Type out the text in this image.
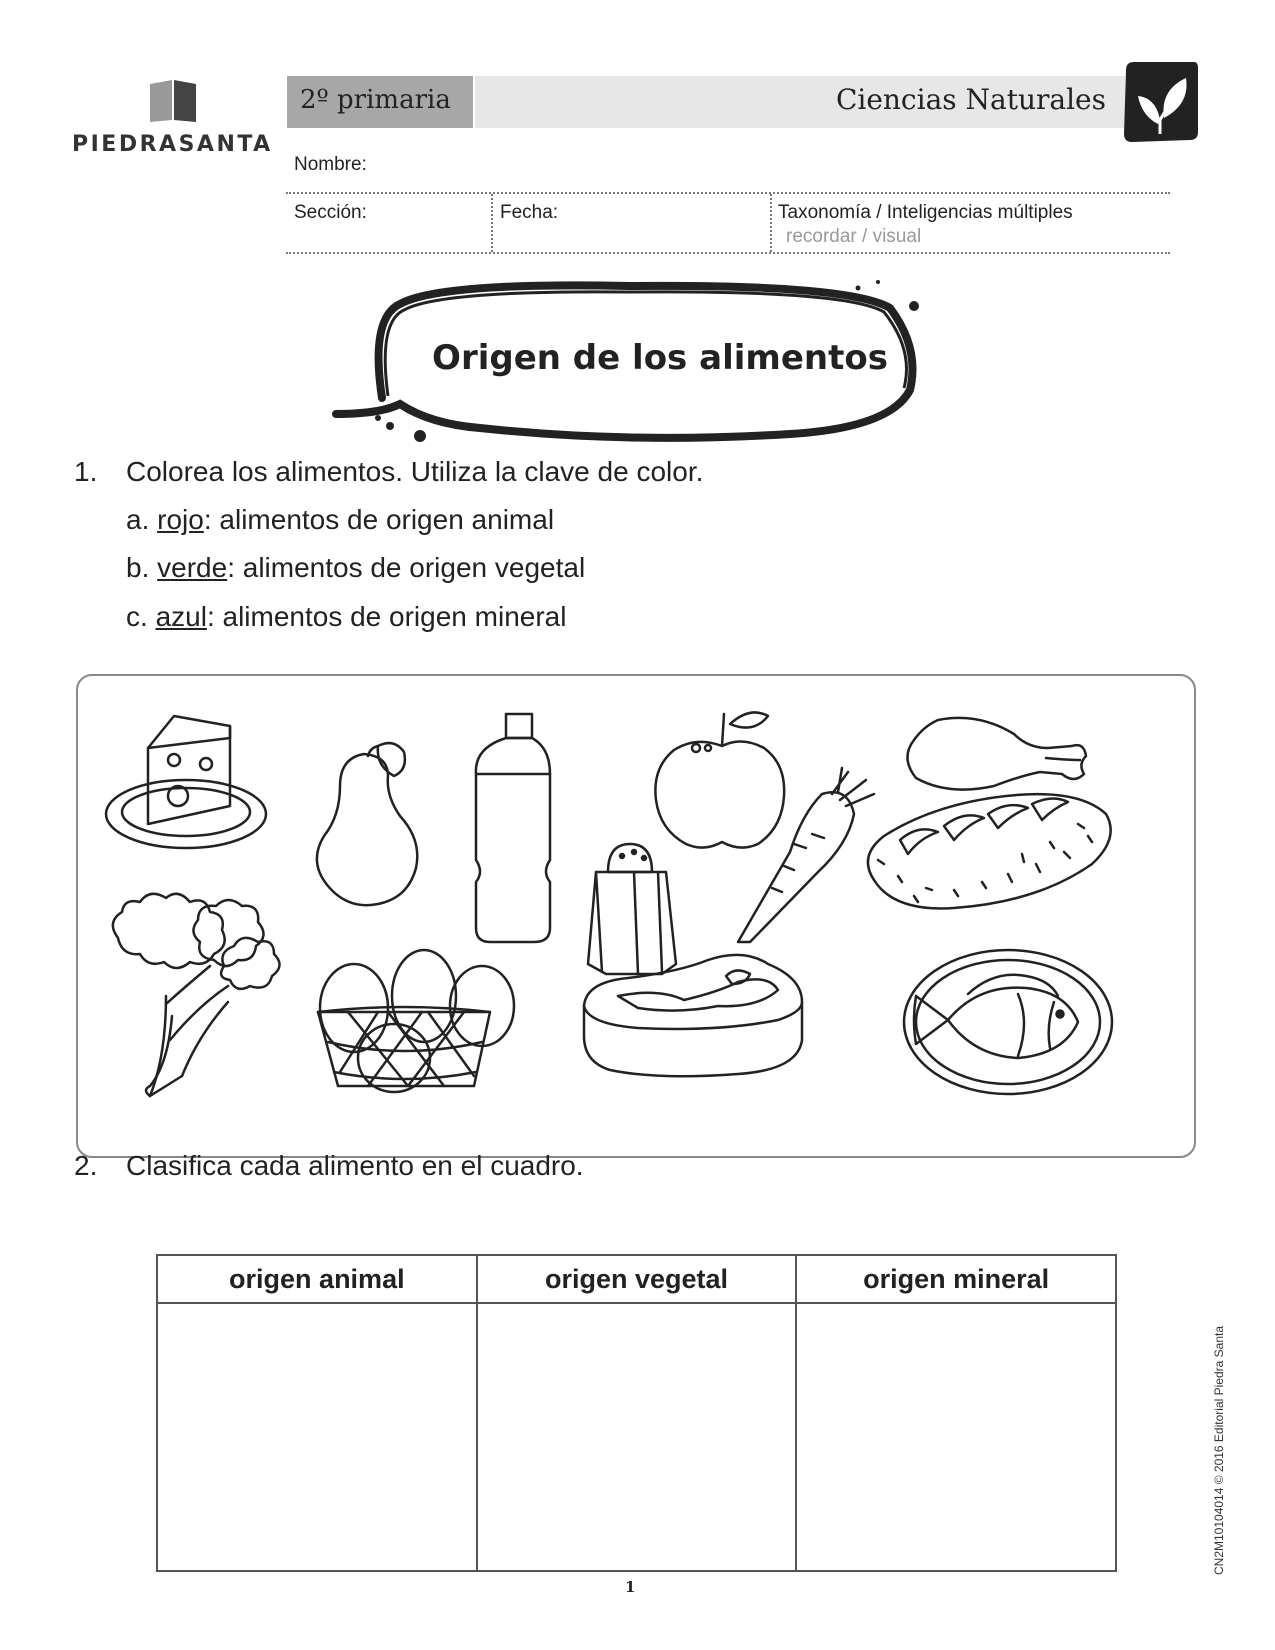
PIEDRASANTA
2º primaria	Ciencias Naturales
Nombre:
Sección:	Fecha:	Taxonomía / Inteligencias múltiples
recordar / visual
Origen de los alimentos
1. Colorea los alimentos. Utiliza la clave de color.
a. rojo: alimentos de origen animal
b. verde: alimentos de origen vegetal
c. azul: alimentos de origen mineral
2. Clasifica cada alimento en el cuadro.
origen animal	origen vegetal	origen mineral

1
CN2M10104014 © 2016 Editorial Piedra Santa
